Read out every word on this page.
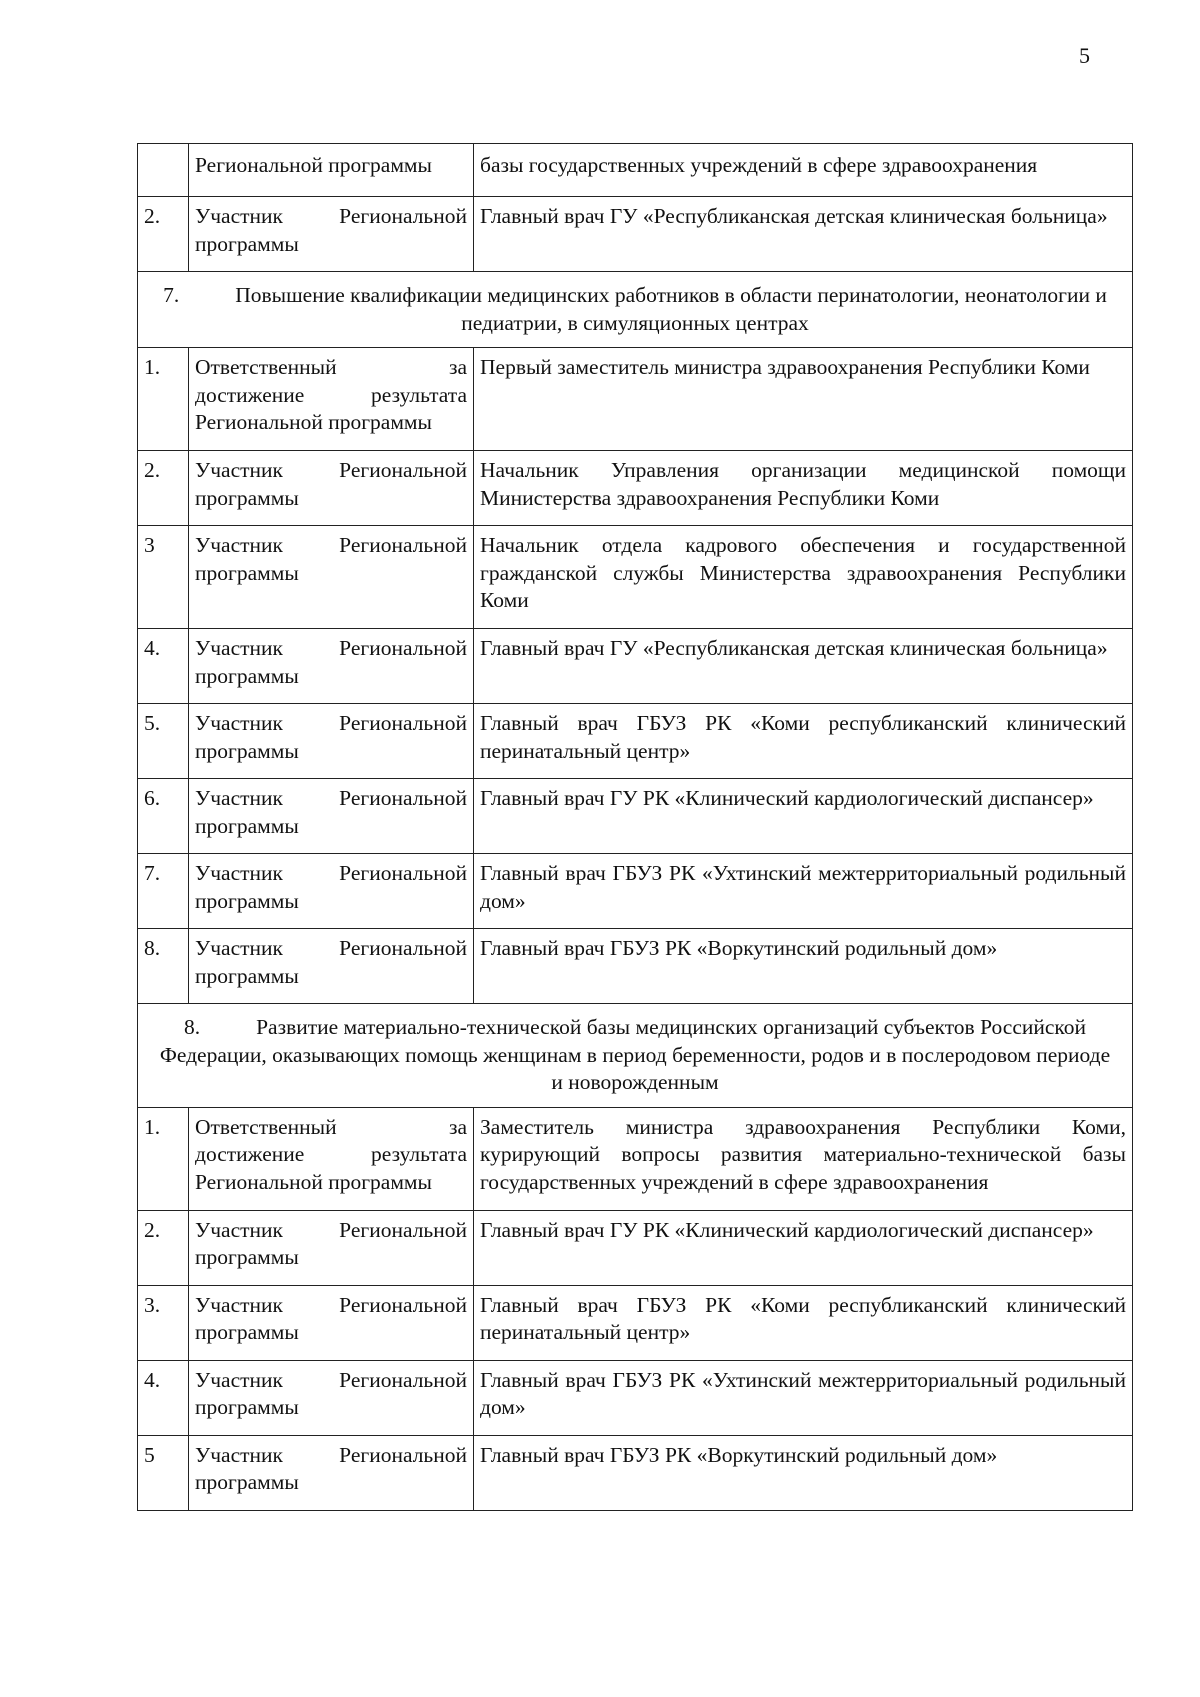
5
	Региональной программы	базы государственных учреждений в сфере здравоохранения
2.	Участник Региональной программы	Главный врач ГУ «Республиканская детская клиническая больница»
7. Повышение квалификации медицинских работников в области перинатологии, неонатологии и педиатрии, в симуляционных центрах		
1.	Ответственный за достижение результата Региональной программы	Первый заместитель министра здравоохранения Республики Коми
2.	Участник Региональной программы	Начальник Управления организации медицинской помощи Министерства здравоохранения Республики Коми
3	Участник Региональной программы	Начальник отдела кадрового обеспечения и государственной гражданской службы Министерства здравоохранения Республики Коми
4.	Участник Региональной программы	Главный врач ГУ «Республиканская детская клиническая больница»
5.	Участник Региональной программы	Главный врач ГБУЗ РК «Коми республиканский клинический перинатальный центр»
6.	Участник Региональной программы	Главный врач ГУ РК «Клинический кардиологический диспансер»
7.	Участник Региональной программы	Главный врач ГБУЗ РК «Ухтинский межтерриториальный родильный дом»
8.	Участник Региональной программы	Главный врач ГБУЗ РК «Воркутинский родильный дом»
8. Развитие материально-технической базы медицинских организаций субъектов Российской Федерации, оказывающих помощь женщинам в период беременности, родов и в послеродовом периоде и новорожденным		
1.	Ответственный за достижение результата Региональной программы	Заместитель министра здравоохранения Республики Коми, курирующий вопросы развития материально-технической базы государственных учреждений в сфере здравоохранения
2.	Участник Региональной программы	Главный врач ГУ РК «Клинический кардиологический диспансер»
3.	Участник Региональной программы	Главный врач ГБУЗ РК «Коми республиканский клинический перинатальный центр»
4.	Участник Региональной программы	Главный врач ГБУЗ РК «Ухтинский межтерриториальный родильный дом»
5	Участник Региональной программы	Главный врач ГБУЗ РК «Воркутинский родильный дом»
